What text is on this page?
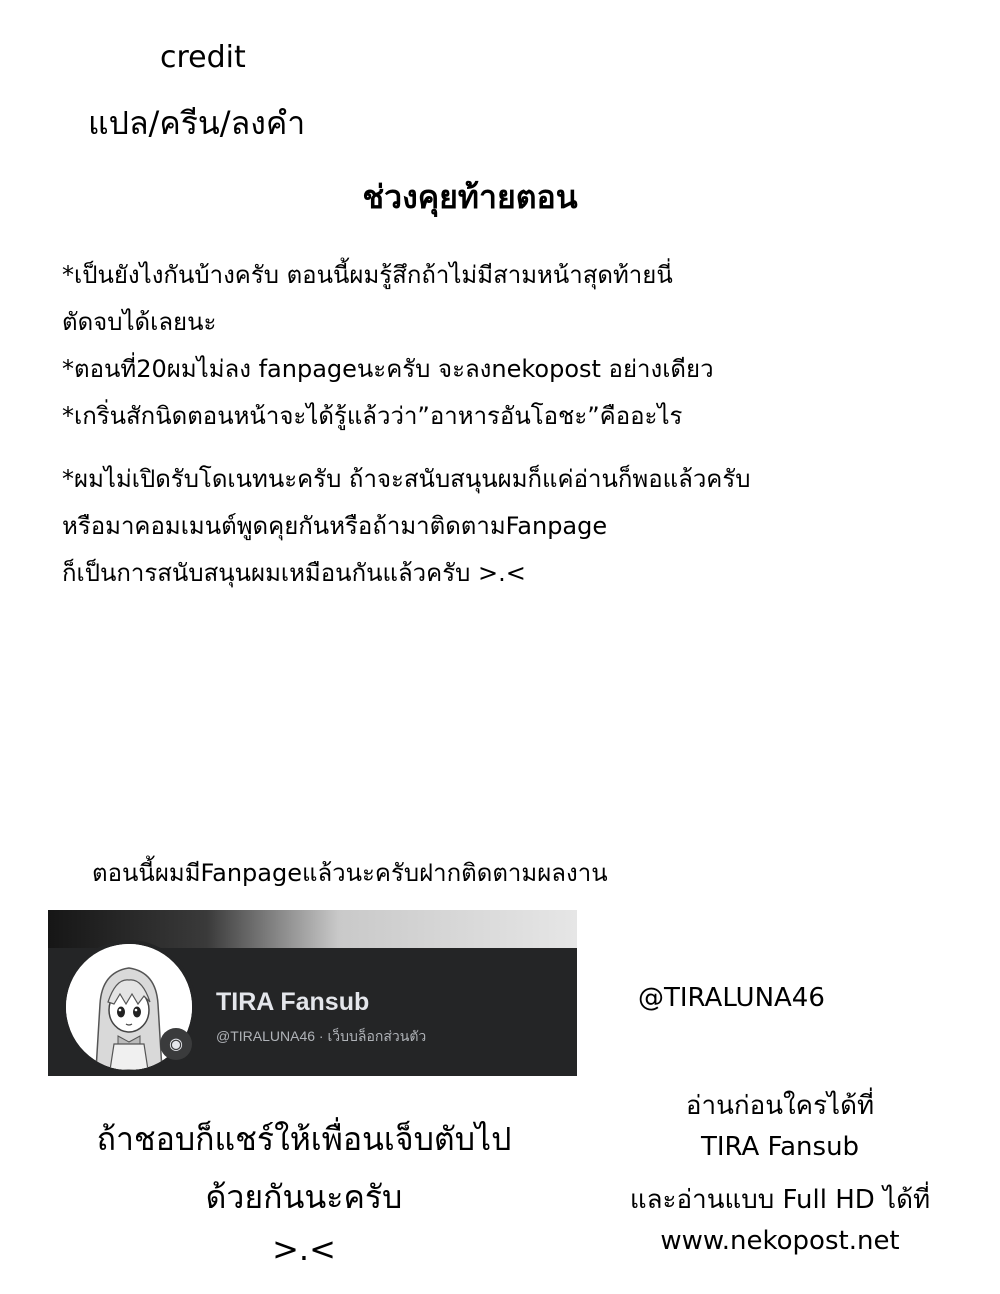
credit
แปล/ครีน/ลงคำ
ช่วงคุยท้ายตอน
*เป็นยังไงกันบ้างครับ ตอนนี้ผมรู้สึกถ้าไม่มีสามหน้าสุดท้ายนี่
ตัดจบได้เลยนะ
*ตอนที่20ผมไม่ลง fanpageนะครับ จะลงnekopost อย่างเดียว
*เกริ่นสักนิดตอนหน้าจะได้รู้แล้วว่า”อาหารอันโอชะ”คืออะไร
*ผมไม่เปิดรับโดเนทนะครับ ถ้าจะสนับสนุนผมก็แค่อ่านก็พอแล้วครับ
หรือมาคอมเมนต์พูดคุยกันหรือถ้ามาติดตามFanpage
ก็เป็นการสนับสนุนผมเหมือนกันแล้วครับ >.<
ตอนนี้ผมมีFanpageแล้วนะครับฝากติดตามผลงาน
◉
TIRA Fansub
@TIRALUNA46 · เว็บบล็อกส่วนตัว
@TIRALUNA46
ถ้าชอบก็แชร์ให้เพื่อนเจ็บตับไป
ด้วยกันนะครับ
>.<
อ่านก่อนใครได้ที่
TIRA Fansub
และอ่านแบบ Full HD ได้ที่
www.nekopost.net
